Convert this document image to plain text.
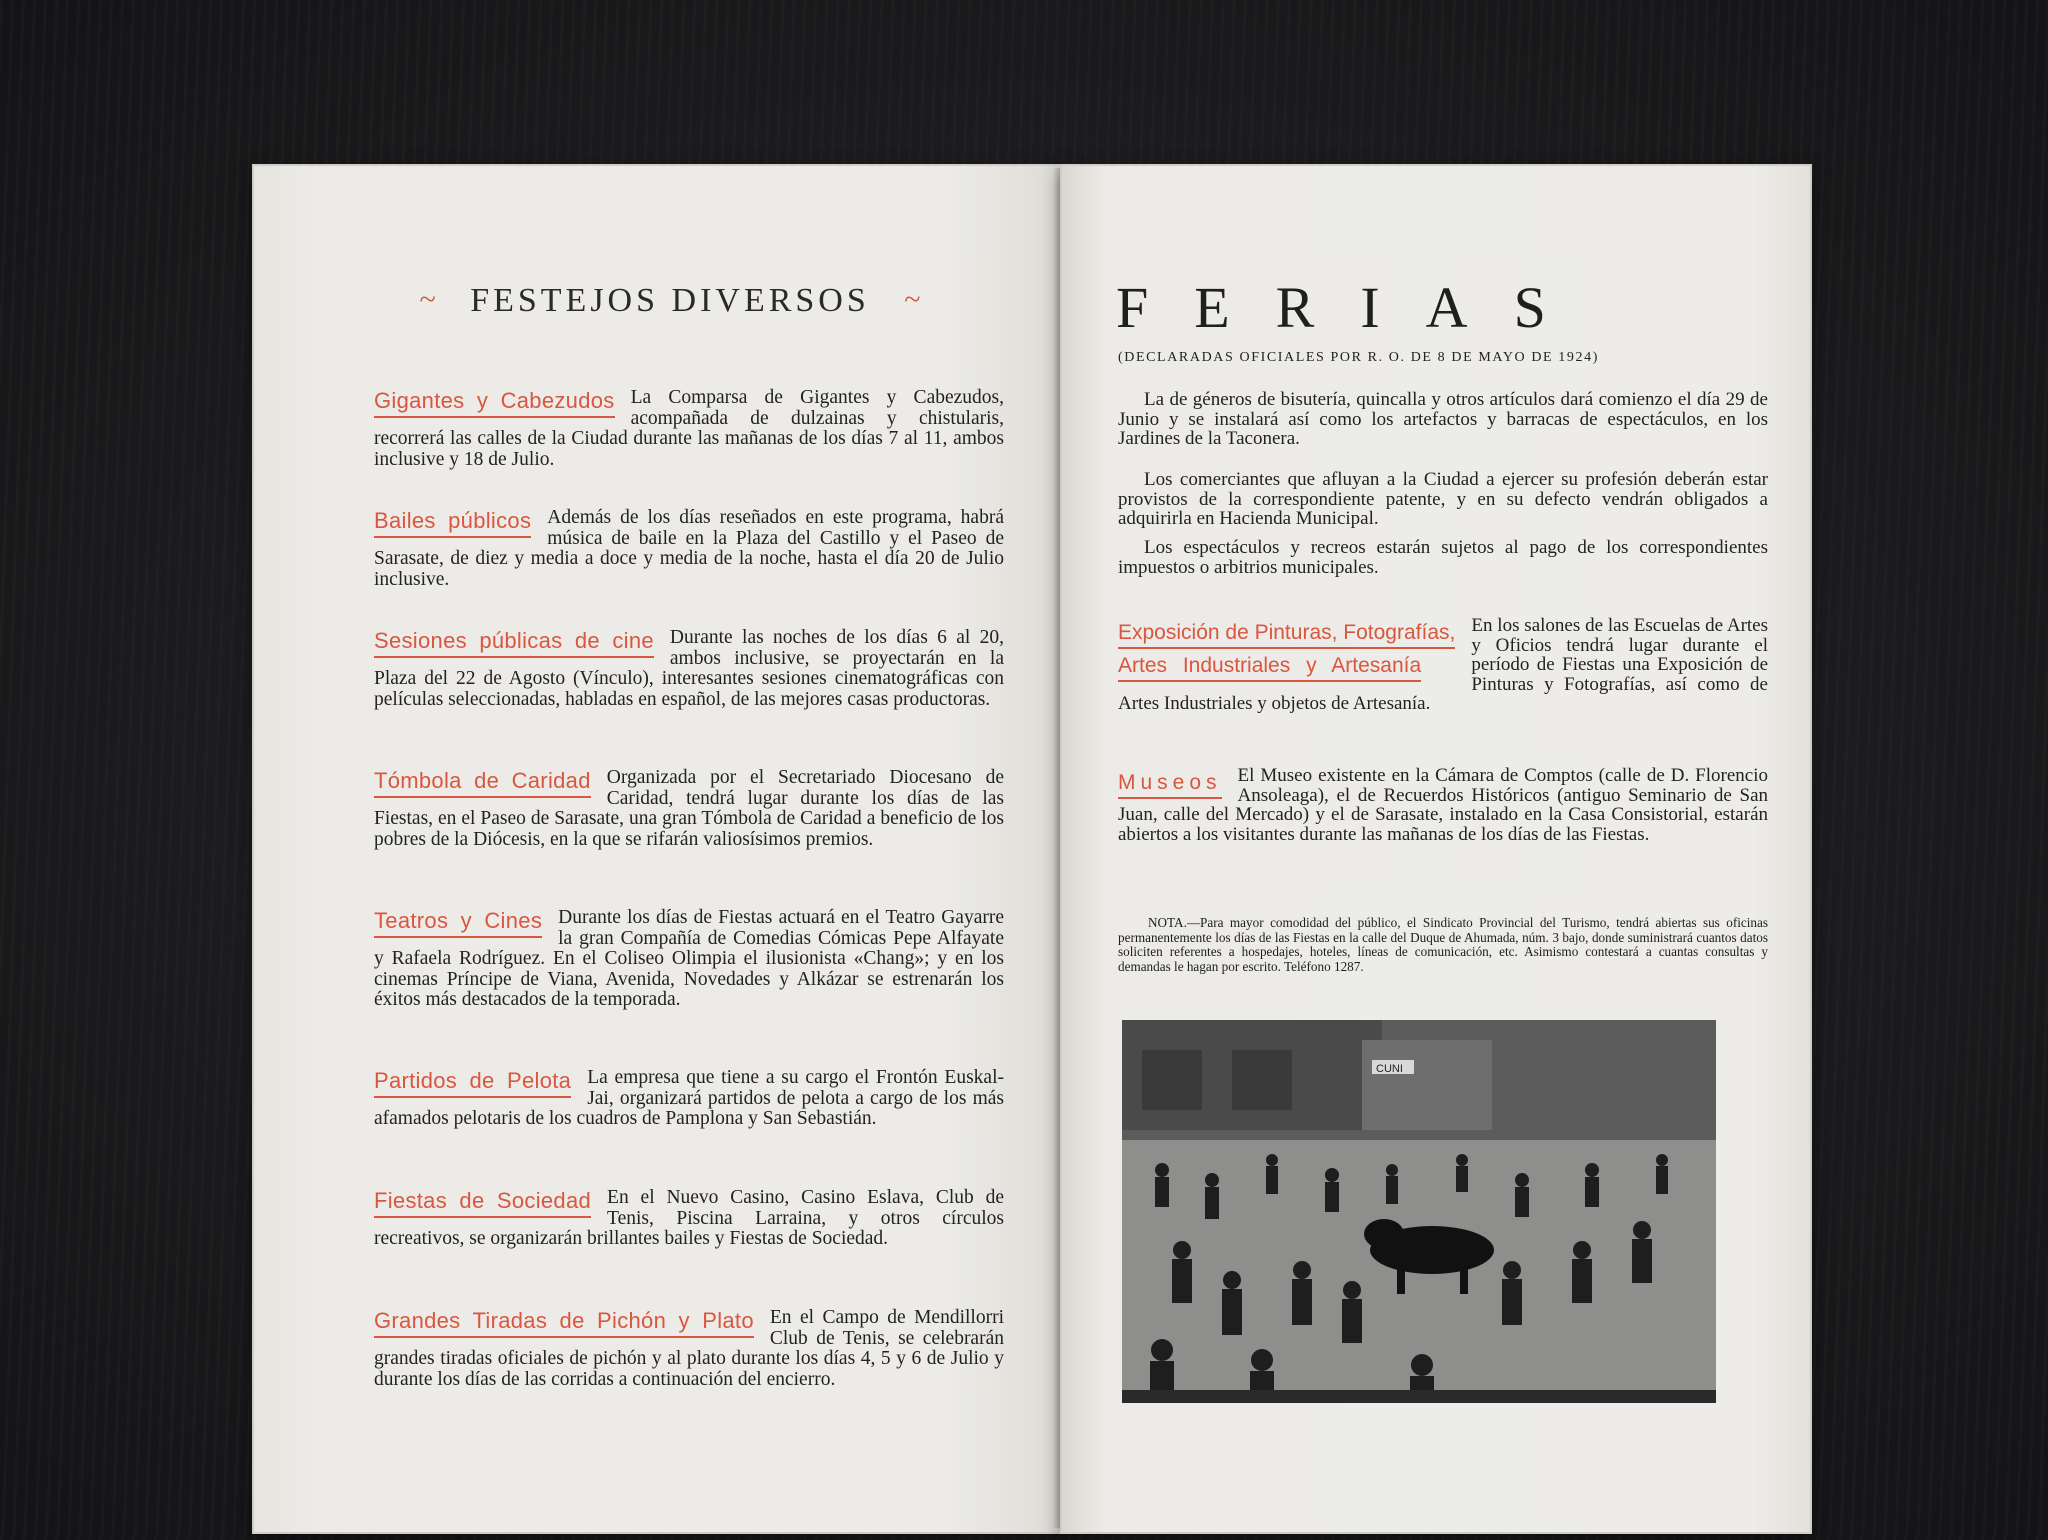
~ FESTEJOS DIVERSOS ~
Gigantes y Cabezudos La Comparsa de Gigantes y Cabezudos, acompañada de dulzainas y chistularis, recorrerá las calles de la Ciudad durante las mañanas de los días 7 al 11, ambos inclusive y 18 de Julio.
Bailes públicos Además de los días reseñados en este programa, habrá música de baile en la Plaza del Castillo y el Paseo de Sarasate, de diez y media a doce y media de la noche, hasta el día 20 de Julio inclusive.
Sesiones públicas de cine Durante las noches de los días 6 al 20, ambos inclusive, se proyectarán en la Plaza del 22 de Agosto (Vínculo), interesantes sesiones cinematográficas con películas seleccionadas, habladas en español, de las mejores casas productoras.
Tómbola de Caridad Organizada por el Secretariado Diocesano de Caridad, tendrá lugar durante los días de las Fiestas, en el Paseo de Sarasate, una gran Tómbola de Caridad a beneficio de los pobres de la Diócesis, en la que se rifarán valiosísimos premios.
Teatros y Cines Durante los días de Fiestas actuará en el Teatro Gayarre la gran Compañía de Comedias Cómicas Pepe Alfayate y Rafaela Rodríguez. En el Coliseo Olimpia el ilusionista «Chang»; y en los cinemas Príncipe de Viana, Avenida, Novedades y Alkázar se estrenarán los éxitos más destacados de la temporada.
Partidos de Pelota La empresa que tiene a su cargo el Frontón Euskal-Jai, organizará partidos de pelota a cargo de los más afamados pelotaris de los cuadros de Pamplona y San Sebastián.
Fiestas de Sociedad En el Nuevo Casino, Casino Eslava, Club de Tenis, Piscina Larraina, y otros círculos recreativos, se organizarán brillantes bailes y Fiestas de Sociedad.
Grandes Tiradas de Pichón y Plato En el Campo de Mendillorri Club de Tenis, se celebrarán grandes tiradas oficiales de pichón y al plato durante los días 4, 5 y 6 de Julio y durante los días de las corridas a continuación del encierro.
FERIAS
(DECLARADAS OFICIALES POR R. O. DE 8 DE MAYO DE 1924)
La de géneros de bisutería, quincalla y otros artículos dará comienzo el día 29 de Junio y se instalará así como los artefactos y barracas de espectáculos, en los Jardines de la Taconera.
Los comerciantes que afluyan a la Ciudad a ejercer su profesión deberán estar provistos de la correspondiente patente, y en su defecto vendrán obligados a adquirirla en Hacienda Municipal.
Los espectáculos y recreos estarán sujetos al pago de los correspondientes impuestos o arbitrios municipales.
Exposición de Pinturas, Fotografías,
Artes Industriales y Artesanía
En los salones de las Escuelas de Artes y Oficios tendrá lugar durante el período de Fiestas una Exposición de Pinturas y Fotografías, así como de Artes Industriales y objetos de Artesanía.
Museos El Museo existente en la Cámara de Comptos (calle de D. Florencio Ansoleaga), el de Recuerdos Históricos (antiguo Seminario de San Juan, calle del Mercado) y el de Sarasate, instalado en la Casa Consistorial, estarán abiertos a los visitantes durante las mañanas de los días de las Fiestas.
NOTA.—Para mayor comodidad del público, el Sindicato Provincial del Turismo, tendrá abiertas sus oficinas permanentemente los días de las Fiestas en la calle del Duque de Ahumada, núm. 3 bajo, donde suministrará cuantos datos soliciten referentes a hospedajes, hoteles, líneas de comunicación, etc. Asimismo contestará a cuantas consultas y demandas le hagan por escrito. Teléfono 1287.
CUNI
